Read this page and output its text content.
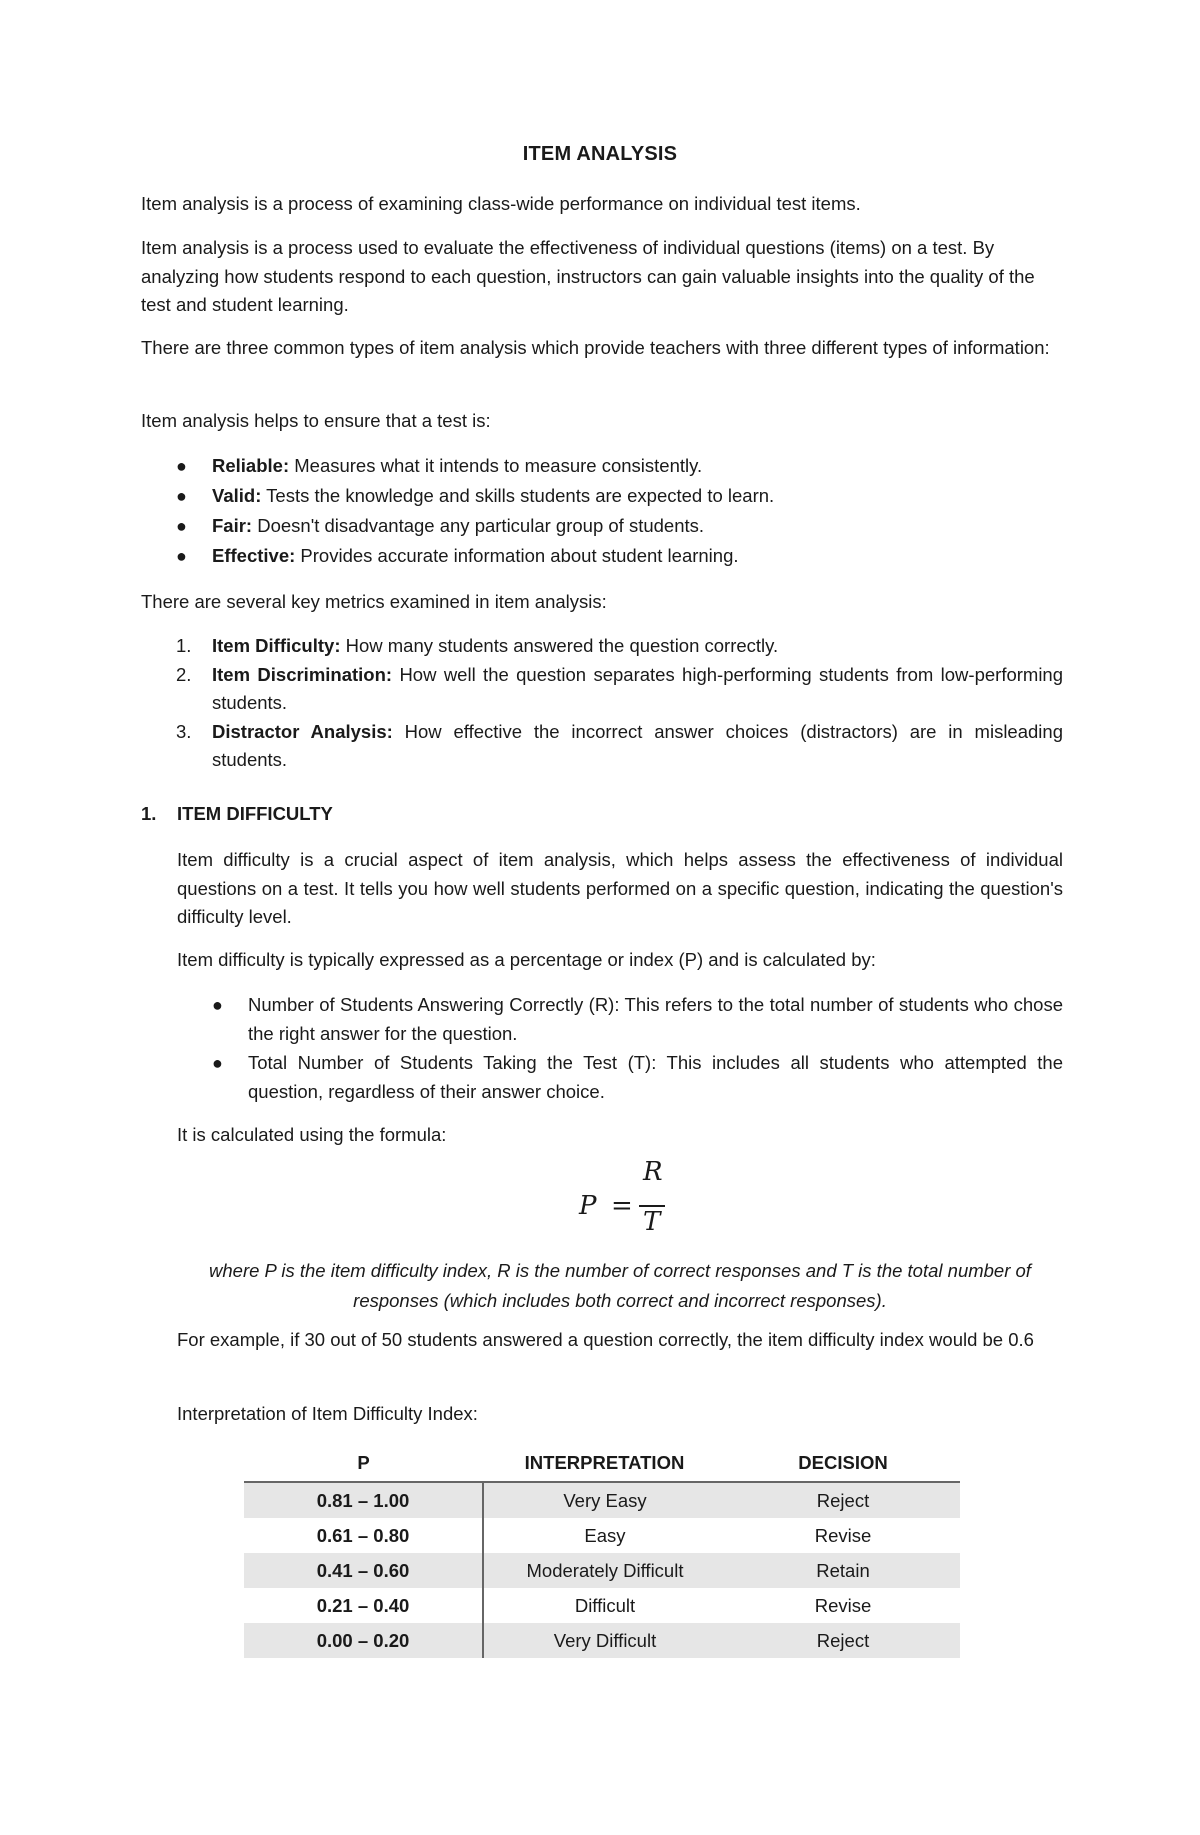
ITEM ANALYSIS

Item analysis is a process of examining class-wide performance on individual test items.

Item analysis is a process used to evaluate the effectiveness of individual questions (items) on a test. By analyzing how students respond to each question, instructors can gain valuable insights into the quality of the test and student learning.

There are three common types of item analysis which provide teachers with three different types of information:

Item analysis helps to ensure that a test is:

● Reliable: Measures what it intends to measure consistently.
● Valid: Tests the knowledge and skills students are expected to learn.
● Fair: Doesn't disadvantage any particular group of students.
● Effective: Provides accurate information about student learning.

There are several key metrics examined in item analysis:

1. Item Difficulty: How many students answered the question correctly.
2. Item Discrimination: How well the question separates high-performing students from low-performing students.
3. Distractor Analysis: How effective the incorrect answer choices (distractors) are in misleading students.
1. ITEM DIFFICULTY

Item difficulty is a crucial aspect of item analysis, which helps assess the effectiveness of individual questions on a test. It tells you how well students performed on a specific question, indicating the question's difficulty level.

Item difficulty is typically expressed as a percentage or index (P) and is calculated by:

● Number of Students Answering Correctly (R): This refers to the total number of students who chose the right answer for the question.
● Total Number of Students Taking the Test (T): This includes all students who attempted the question, regardless of their answer choice.

It is calculated using the formula:

P =
R
T
where P is the item difficulty index, R is the number of correct responses and T is the total number of responses (which includes both correct and incorrect responses).

For example, if 30 out of 50 students answered a question correctly, the item difficulty index would be 0.6

Interpretation of Item Difficulty Index:

P	INTERPRETATION	DECISION
0.81 – 1.00	Very Easy	Reject
0.61 – 0.80	Easy	Revise
0.41 – 0.60	Moderately Difficult	Retain
0.21 – 0.40	Difficult	Revise
0.00 – 0.20	Very Difficult	Reject
